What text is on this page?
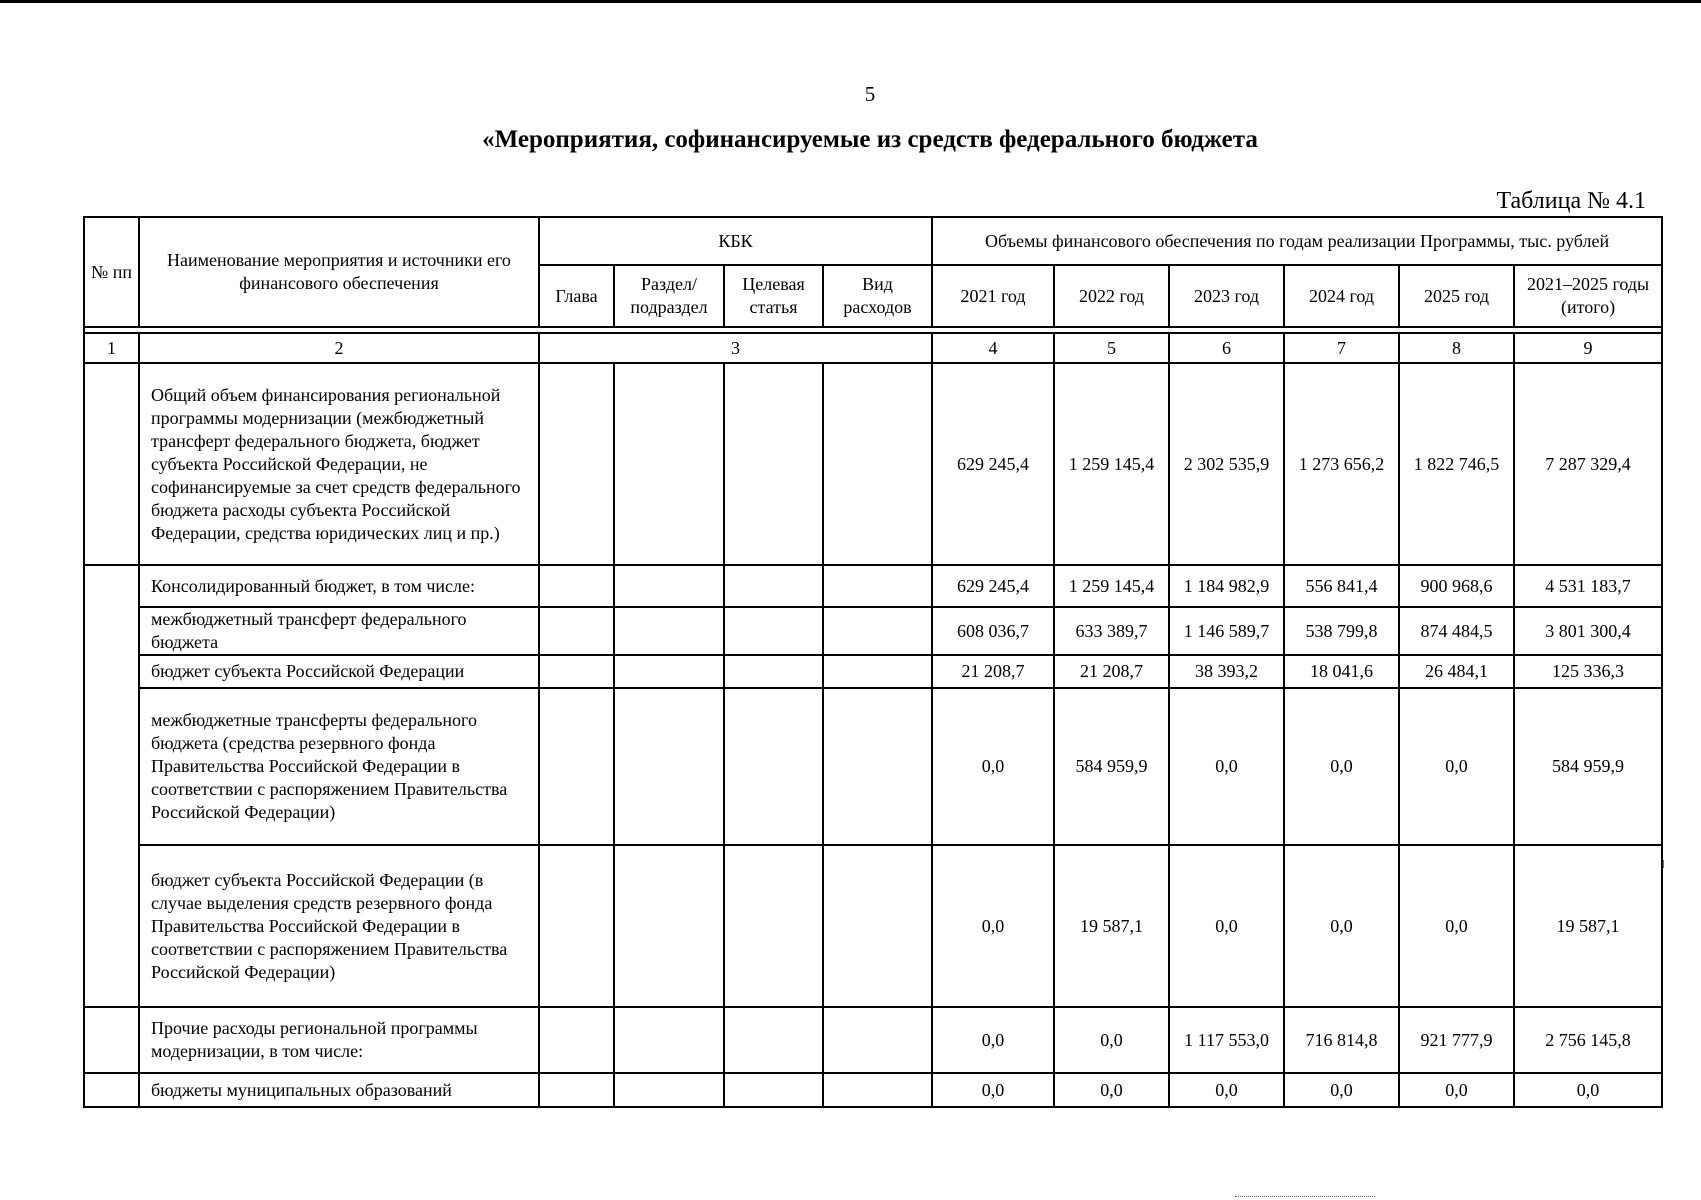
5
«Мероприятия, софинансируемые из средств федерального бюджета
Таблица № 4.1
№ пп	Наименование мероприятия и источники его финансового обеспечения	КБК				Объемы финансового обеспечения по годам реализации Программы, тыс. рублей					
		Глава	Раздел/ подраздел	Целевая статья	Вид расходов	2021 год	2022 год	2023 год	2024 год	2025 год	2021–2025 годы (итого)

1	2	3				4	5	6	7	8	9
	Общий объем финансирования региональной программы модернизации (межбюджетный трансферт федерального бюджета, бюджет субъекта Российской Федерации, не софинансируемые за счет средств федерального бюджета расходы субъекта Российской Федерации, средства юридических лиц и пр.)					629 245,4	1 259 145,4	2 302 535,9	1 273 656,2	1 822 746,5	7 287 329,4
	Консолидированный бюджет, в том числе:					629 245,4	1 259 145,4	1 184 982,9	556 841,4	900 968,6	4 531 183,7
	межбюджетный трансферт федерального бюджета					608 036,7	633 389,7	1 146 589,7	538 799,8	874 484,5	3 801 300,4
	бюджет субъекта Российской Федерации					21 208,7	21 208,7	38 393,2	18 041,6	26 484,1	125 336,3
	межбюджетные трансферты федерального бюджета (средства резервного фонда Правительства Российской Федерации в соответствии с распоряжением Правительства Российской Федерации)					0,0	584 959,9	0,0	0,0	0,0	584 959,9
	бюджет субъекта Российской Федерации (в случае выделения средств резервного фонда Правительства Российской Федерации в соответствии с распоряжением Правительства Российской Федерации)					0,0	19 587,1	0,0	0,0	0,0	19 587,1
	Прочие расходы региональной программы модернизации, в том числе:					0,0	0,0	1 117 553,0	716 814,8	921 777,9	2 756 145,8
	бюджеты муниципальных образований					0,0	0,0	0,0	0,0	0,0	0,0
